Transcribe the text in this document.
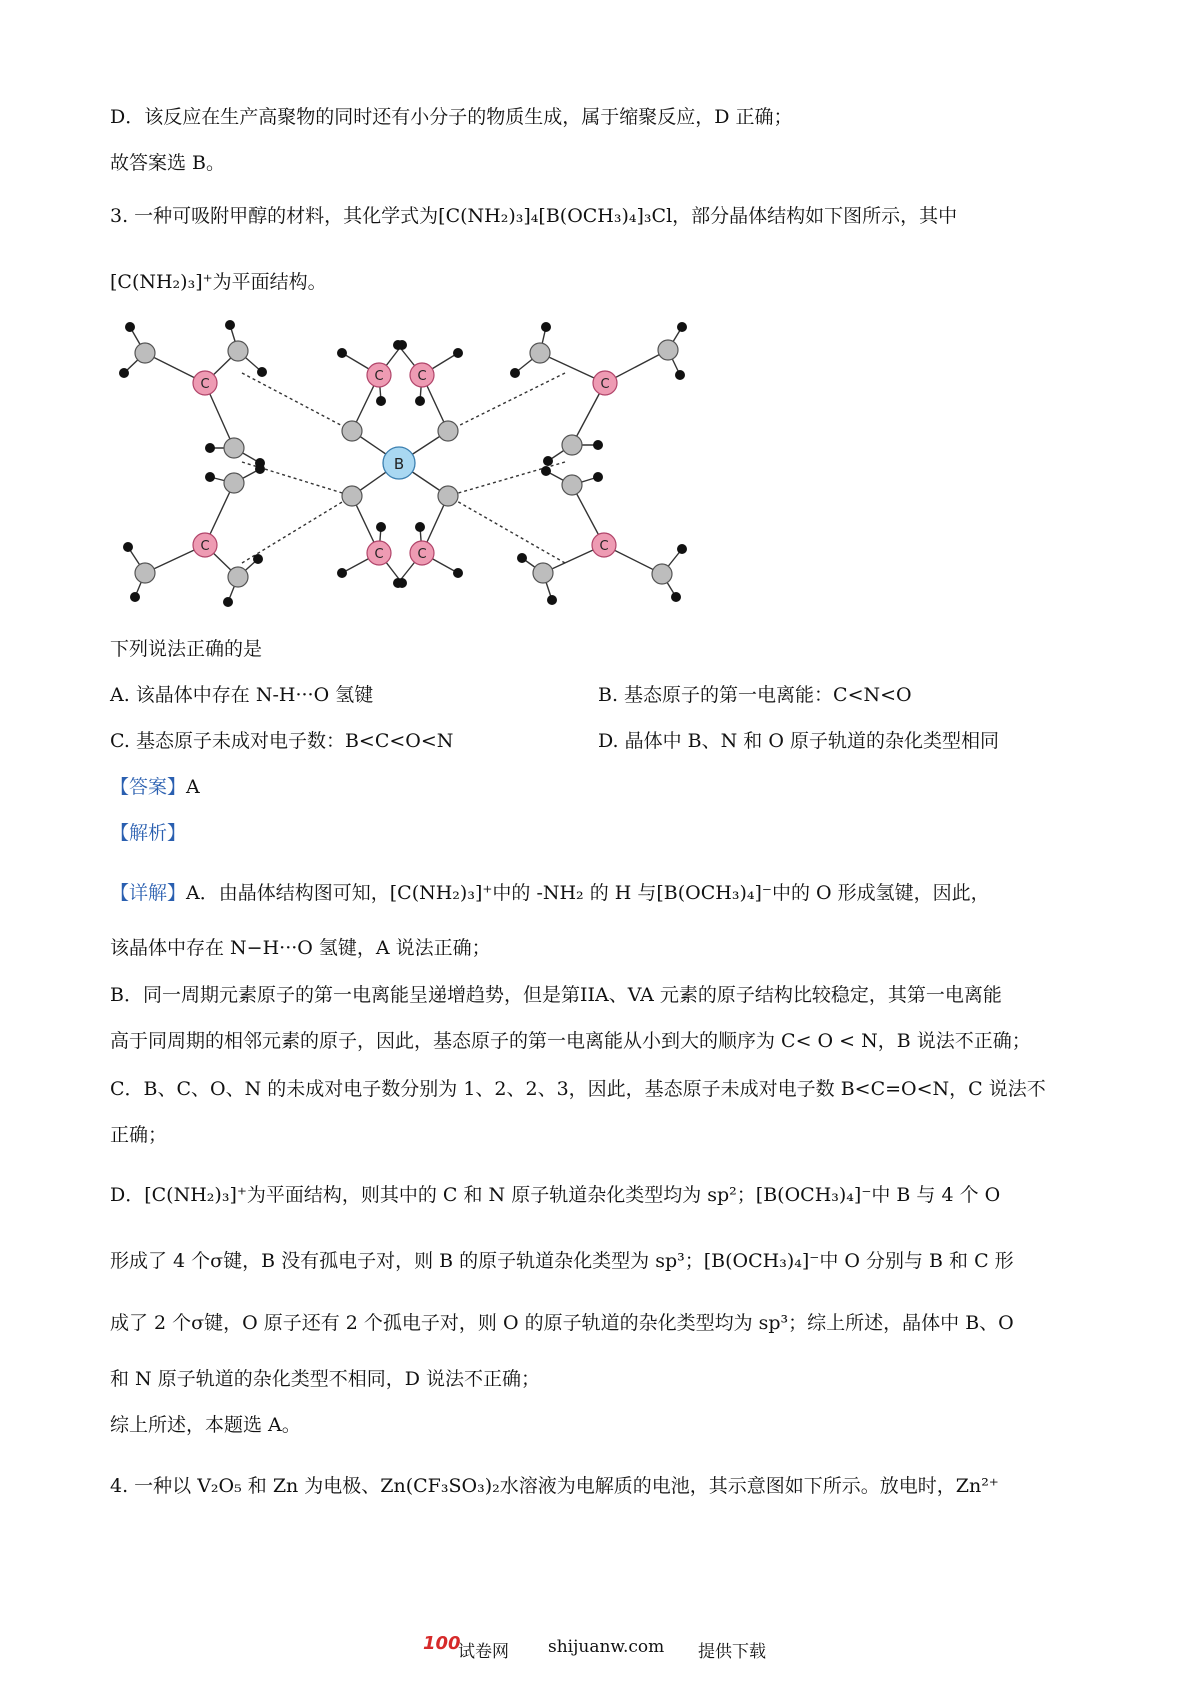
D．该反应在生产高聚物的同时还有小分子的物质生成，属于缩聚反应，D 正确；
故答案选 B。
3. 一种可吸附甲醇的材料，其化学式为[C(NH₂)₃]₄[B(OCH₃)₄]₃Cl，部分晶体结构如下图所示，其中
[C(NH₂)₃]⁺为平面结构。
C
C
C
C
C	C
C	C
B
下列说法正确的是
A. 该晶体中存在 N-H···O 氢键	B. 基态原子的第一电离能：C<N<O
C. 基态原子未成对电子数：B<C<O<N	D. 晶体中 B、N 和 O 原子轨道的杂化类型相同
【答案】A
【解析】
【详解】A．由晶体结构图可知，[C(NH₂)₃]⁺中的 -NH₂ 的 H 与[B(OCH₃)₄]⁻中的 O 形成氢键，因此，
该晶体中存在 N−H···O 氢键，A 说法正确；
B．同一周期元素原子的第一电离能呈递增趋势，但是第IIA、VA 元素的原子结构比较稳定，其第一电离能
高于同周期的相邻元素的原子，因此，基态原子的第一电离能从小到大的顺序为 C< O < N，B 说法不正确；
C．B、C、O、N 的未成对电子数分别为 1、2、2、3，因此，基态原子未成对电子数 B<C=O<N，C 说法不
正确；
D．[C(NH₂)₃]⁺为平面结构，则其中的 C 和 N 原子轨道杂化类型均为 sp²；[B(OCH₃)₄]⁻中 B 与 4 个 O
形成了 4 个σ键，B 没有孤电子对，则 B 的原子轨道杂化类型为 sp³；[B(OCH₃)₄]⁻中 O 分别与 B 和 C 形
成了 2 个σ键，O 原子还有 2 个孤电子对，则 O 的原子轨道的杂化类型均为 sp³；综上所述，晶体中 B、O
和 N 原子轨道的杂化类型不相同，D 说法不正确；
综上所述，本题选 A。
4. 一种以 V₂O₅ 和 Zn 为电极、Zn(CF₃SO₃)₂水溶液为电解质的电池，其示意图如下所示。放电时，Zn²⁺
100
试卷网 shijuanw.com 提供下载
